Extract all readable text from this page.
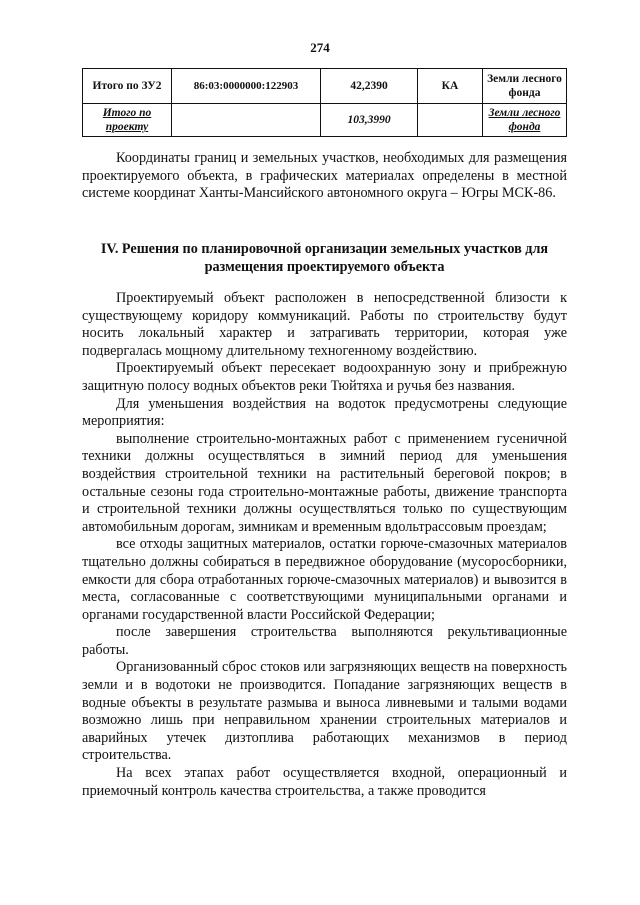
274
Итого по ЗУ2	86:03:0000000:122903	42,2390	КА	Земли лесного фонда
Итого по проекту		103,3990		Земли лесного фонда

Координаты границ и земельных участков, необходимых для размещения проектируемого объекта, в графических материалах определены в местной системе координат Ханты-Мансийского автономного округа – Югры МСК-86.

IV. Решения по планировочной организации земельных участков для размещения проектируемого объекта

Проектируемый объект расположен в непосредственной близости к существующему коридору коммуникаций. Работы по строительству будут носить локальный характер и затрагивать территории, которая уже подвергалась мощному длительному техногенному воздействию.

Проектируемый объект пересекает водоохранную зону и прибрежную защитную полосу водных объектов реки Тюйтяха и ручья без названия.

Для уменьшения воздействия на водоток предусмотрены следующие мероприятия:

выполнение строительно-монтажных работ с применением гусеничной техники должны осуществляться в зимний период для уменьшения воздействия строительной техники на растительный береговой покров; в остальные сезоны года строительно-монтажные работы, движение транспорта и строительной техники должны осуществляться только по существующим автомобильным дорогам, зимникам и временным вдольтрассовым проездам;

все отходы защитных материалов, остатки горюче-смазочных материалов тщательно должны собираться в передвижное оборудование (мусоросборники, емкости для сбора отработанных горюче-смазочных материалов) и вывозится в места, согласованные с соответствующими муниципальными органами и органами государственной власти Российской Федерации;

после завершения строительства выполняются рекультивационные работы.

Организованный сброс стоков или загрязняющих веществ на поверхность земли и в водотоки не производится. Попадание загрязняющих веществ в водные объекты в результате размыва и выноса ливневыми и талыми водами возможно лишь при неправильном хранении строительных материалов и аварийных утечек дизтоплива работающих механизмов в период строительства.

На всех этапах работ осуществляется входной, операционный и приемочный контроль качества строительства, а также проводится
